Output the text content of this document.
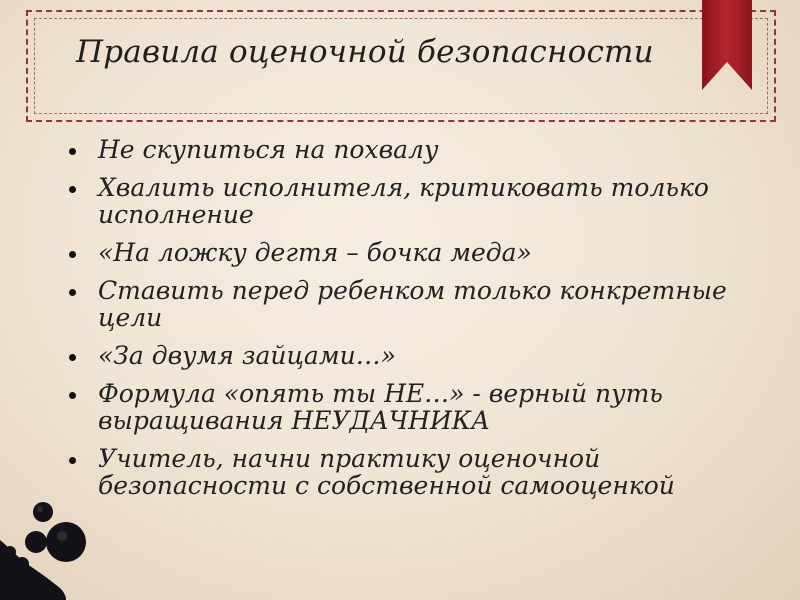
Правила оценочной безопасности
Не скупиться на похвалу
Хвалить исполнителя, критиковать только исполнение
«На ложку дегтя – бочка меда»
Ставить перед ребенком только конкретные цели
«За двумя зайцами…»
Формула «опять ты НЕ…» - верный путь выращивания НЕУДАЧНИКА
Учитель, начни практику оценочной безопасности с собственной самооценкой
